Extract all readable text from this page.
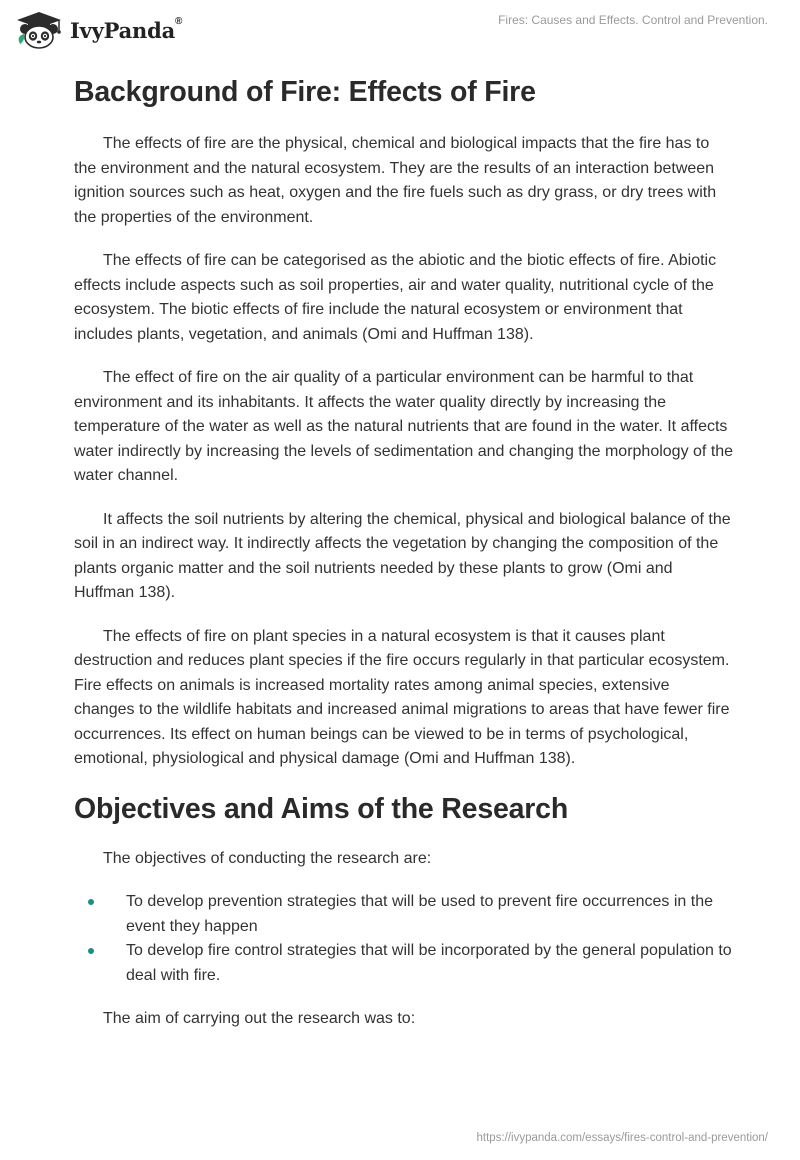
IvyPanda®	Fires: Causes and Effects. Control and Prevention.
Background of Fire: Effects of Fire

The effects of fire are the physical, chemical and biological impacts that the fire has to the environment and the natural ecosystem. They are the results of an interaction between ignition sources such as heat, oxygen and the fire fuels such as dry grass, or dry trees with the properties of the environment.

The effects of fire can be categorised as the abiotic and the biotic effects of fire. Abiotic effects include aspects such as soil properties, air and water quality, nutritional cycle of the ecosystem. The biotic effects of fire include the natural ecosystem or environment that includes plants, vegetation, and animals (Omi and Huffman 138).

The effect of fire on the air quality of a particular environment can be harmful to that environment and its inhabitants. It affects the water quality directly by increasing the temperature of the water as well as the natural nutrients that are found in the water. It affects water indirectly by increasing the levels of sedimentation and changing the morphology of the water channel.

It affects the soil nutrients by altering the chemical, physical and biological balance of the soil in an indirect way. It indirectly affects the vegetation by changing the composition of the plants organic matter and the soil nutrients needed by these plants to grow (Omi and Huffman 138).

The effects of fire on plant species in a natural ecosystem is that it causes plant destruction and reduces plant species if the fire occurs regularly in that particular ecosystem. Fire effects on animals is increased mortality rates among animal species, extensive changes to the wildlife habitats and increased animal migrations to areas that have fewer fire occurrences. Its effect on human beings can be viewed to be in terms of psychological, emotional, physiological and physical damage (Omi and Huffman 138).

Objectives and Aims of the Research

The objectives of conducting the research are:

To develop prevention strategies that will be used to prevent fire occurrences in the event they happen
To develop fire control strategies that will be incorporated by the general population to deal with fire.

The aim of carrying out the research was to:

https://ivypanda.com/essays/fires-control-and-prevention/
